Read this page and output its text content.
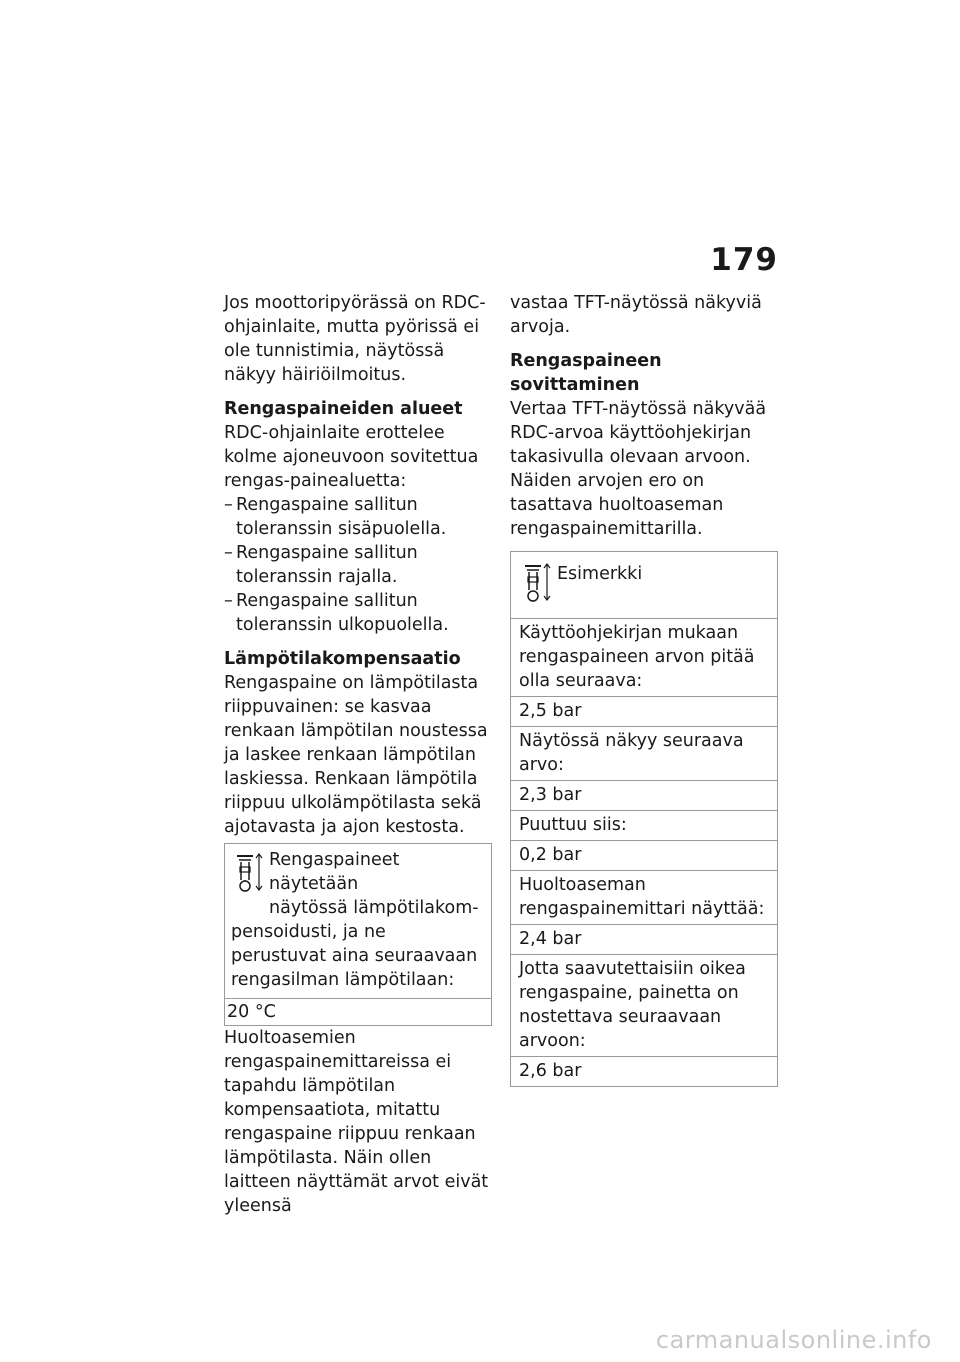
179

Jos moottoripyörässä on RDC-ohjainlaite, mutta pyörissä ei ole tunnistimia, näytössä näkyy häiriöilmoitus.

Rengaspaineiden alueet

RDC-ohjainlaite erottelee kolme ajoneuvoon sovitettua rengas-painealuetta:

– Rengaspaine sallitun toleranssin sisäpuolella.
– Rengaspaine sallitun toleranssin rajalla.
– Rengaspaine sallitun toleranssin ulkopuolella.

Lämpötilakompensaatio

Rengaspaine on lämpötilasta riippuvainen: se kasvaa renkaan lämpötilan noustessa ja laskee renkaan lämpötilan laskiessa. Renkaan lämpötila riippuu ulkolämpötilasta sekä ajotavasta ja ajon kestosta.

Rengaspaineet näytetään
näytössä lämpötilakom-
pensoidusti, ja ne perustuvat aina seuraavaan rengasilman lämpötilaan:
20 °C

Huoltoasemien rengaspainemittareissa ei tapahdu lämpötilan kompensaatiota, mitattu rengaspaine riippuu renkaan lämpötilasta. Näin ollen laitteen näyttämät arvot eivät yleensä

vastaa TFT-näytössä näkyviä arvoja.

Rengaspaineen sovittaminen

Vertaa TFT-näytössä näkyvää RDC-arvoa käyttöohjekirjan takasivulla olevaan arvoon. Näiden arvojen ero on tasattava huoltoaseman rengaspainemittarilla.

Esimerkki
Käyttöohjekirjan mukaan rengaspaineen arvon pitää olla seuraava:
2,5 bar
Näytössä näkyy seuraava arvo:
2,3 bar
Puuttuu siis:
0,2 bar
Huoltoaseman rengaspainemittari näyttää:
2,4 bar
Jotta saavutettaisiin oikea rengaspaine, painetta on nostettava seuraavaan arvoon:
2,6 bar
carmanualsonline.info
